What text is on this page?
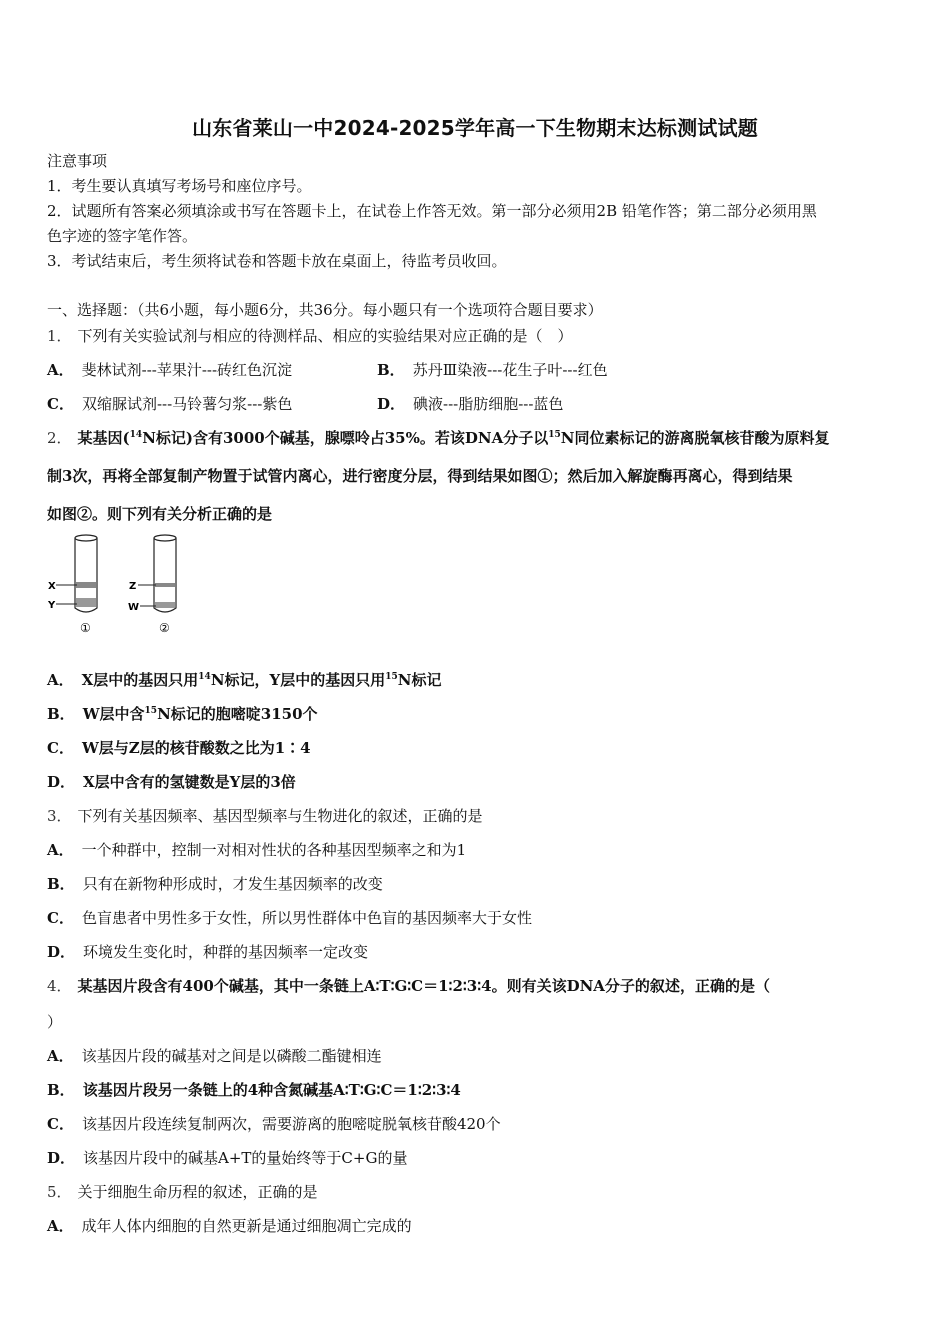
山东省莱山一中2024-2025学年高一下生物期末达标测试试题
注意事项
1．考生要认真填写考场号和座位序号。
2．试题所有答案必须填涂或书写在答题卡上，在试卷上作答无效。第一部分必须用2B 铅笔作答；第二部分必须用黑
色字迹的签字笔作答。
3．考试结束后，考生须将试卷和答题卡放在桌面上，待监考员收回。
一、选择题：（共6小题，每小题6分，共36分。每小题只有一个选项符合题目要求）
1． 下列有关实验试剂与相应的待测样品、相应的实验结果对应正确的是（　）
A． 斐林试剂---苹果汁---砖红色沉淀	B． 苏丹Ⅲ染液---花生子叶---红色
C． 双缩脲试剂---马铃薯匀浆---紫色	D． 碘液---脂肪细胞---蓝色
2． 某基因($^{14}$N标记)含有3000个碱基，腺嘌呤占35%。若该DNA分子以$^{15}$N同位素标记的游离脱氧核苷酸为原料复
制3次，再将全部复制产物置于试管内离心，进行密度分层，得到结果如图①；然后加入解旋酶再离心，得到结果
如图②。则下列有关分析正确的是
X
Y
①
Z
W
②
A． X层中的基因只用$^{14}$N标记，Y层中的基因只用$^{15}$N标记
B． W层中含$^{15}$N标记的胞嘧啶3150个
C． W层与Z层的核苷酸数之比为1∶4
D． X层中含有的氢键数是Y层的3倍
3． 下列有关基因频率、基因型频率与生物进化的叙述，正确的是
A． 一个种群中，控制一对相对性状的各种基因型频率之和为1
B． 只有在新物种形成时，才发生基因频率的改变
C． 色盲患者中男性多于女性，所以男性群体中色盲的基因频率大于女性
D． 环境发生变化时，种群的基因频率一定改变
4． 某基因片段含有400个碱基，其中一条链上A∶T∶G∶C＝1∶2∶3∶4。则有关该DNA分子的叙述，正确的是（
）
A． 该基因片段的碱基对之间是以磷酸二酯键相连
B． 该基因片段另一条链上的4种含氮碱基A∶T∶G∶C＝1∶2∶3∶4
C． 该基因片段连续复制两次，需要游离的胞嘧啶脱氧核苷酸420个
D． 该基因片段中的碱基A+T的量始终等于C+G的量
5． 关于细胞生命历程的叙述，正确的是
A． 成年人体内细胞的自然更新是通过细胞凋亡完成的
